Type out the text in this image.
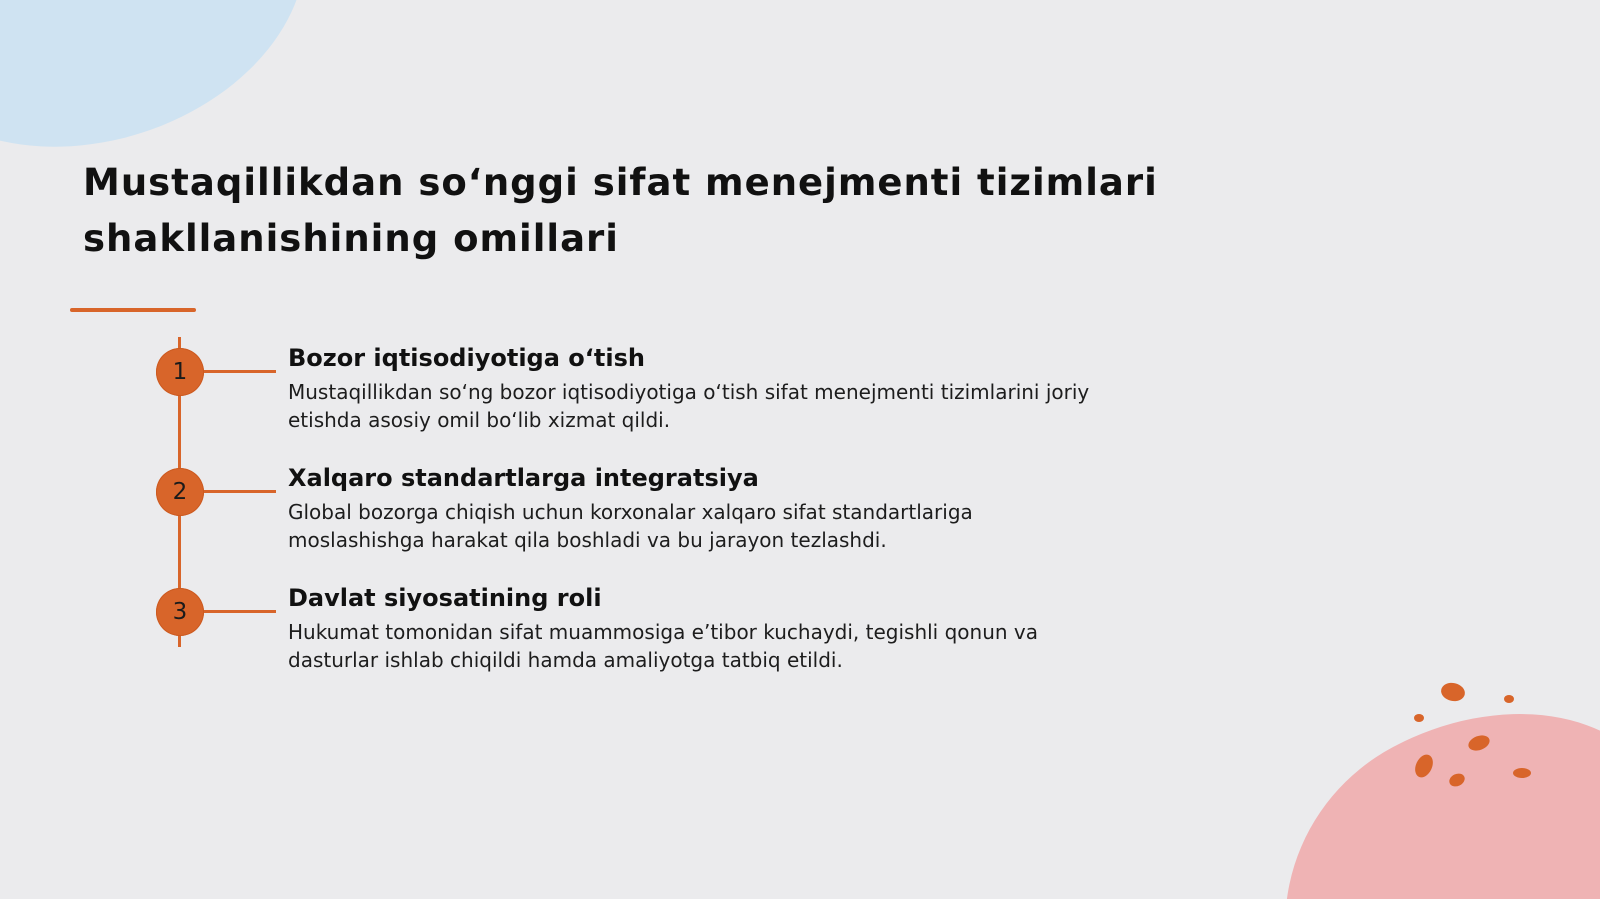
Mustaqillikdan so‘nggi sifat menejmenti tizimlari shakllanishining omillari
1	Bozor iqtisodiyotiga o‘tish

Mustaqillikdan so‘ng bozor iqtisodiyotiga o‘tish sifat menejmenti tizimlarini joriy etishda asosiy omil bo‘lib xizmat qildi.

2	Xalqaro standartlarga integratsiya

Global bozorga chiqish uchun korxonalar xalqaro sifat standartlariga moslashishga harakat qila boshladi va bu jarayon tezlashdi.

3	Davlat siyosatining roli

Hukumat tomonidan sifat muammosiga e’tibor kuchaydi, tegishli qonun va dasturlar ishlab chiqildi hamda amaliyotga tatbiq etildi.
